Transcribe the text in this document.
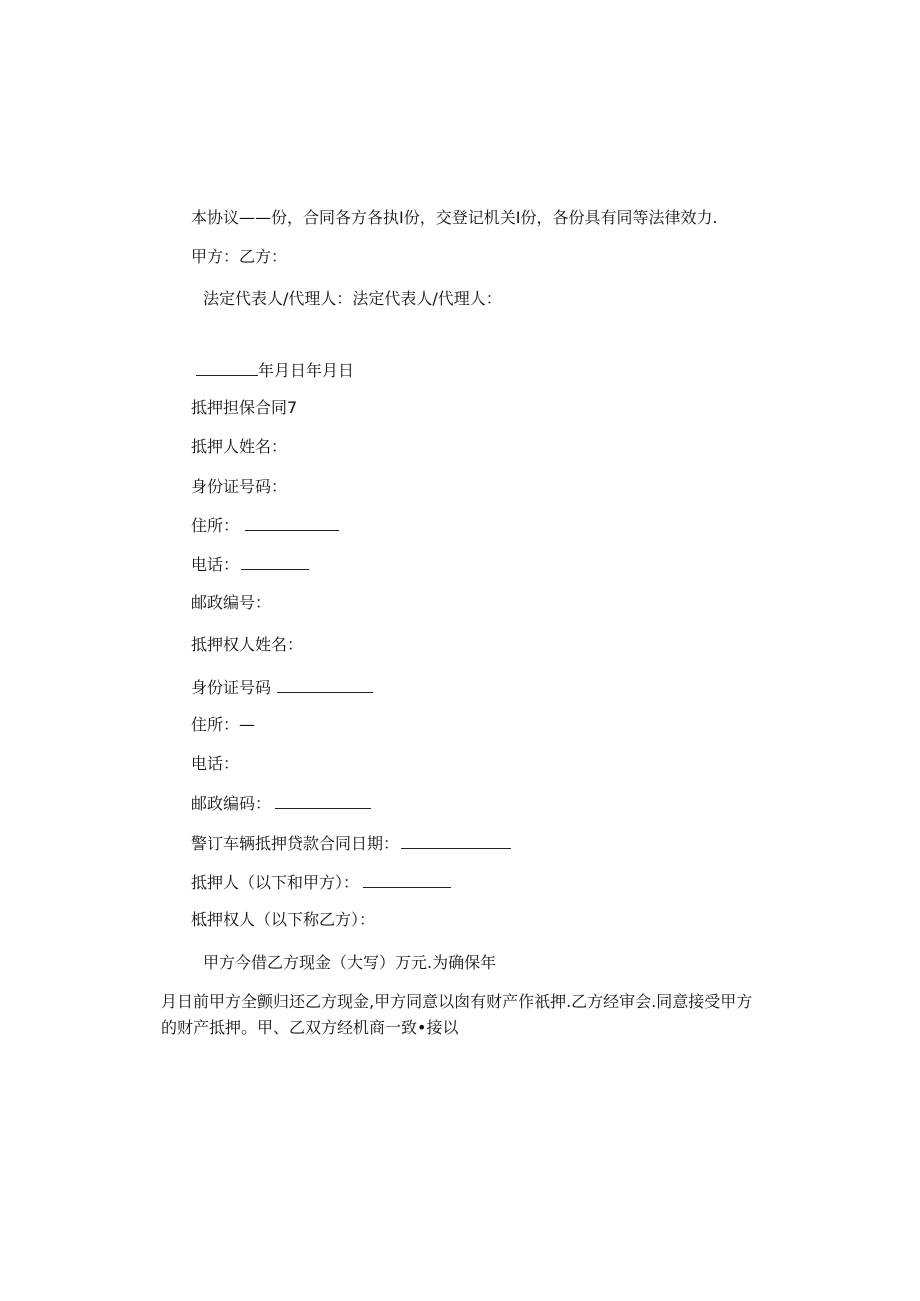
本协议——份，合同各方各执I份，交登记机关I份，各份具有同等法律效力.
甲方：乙方：
法定代表人/代理人：法定代表人/代理人：
年月日年月日
抵押担保合同7
抵押人姓名：
身份证号码：
住所：
电话：
邮政编号：
抵押权人姓名：
身份证号码
住所：—
电话：
邮政编码：
警订车辆抵押贷款合同日期：
抵押人（以下和甲方）：
柢押权人（以下称乙方）：
甲方今借乙方现金（大写）万元.为确保年
月日前甲方全颤归还乙方现金,甲方同意以囱有财产作祇押.乙方经审会.同意接受甲方的财产抵押。甲、乙双方经机商一致•接以
